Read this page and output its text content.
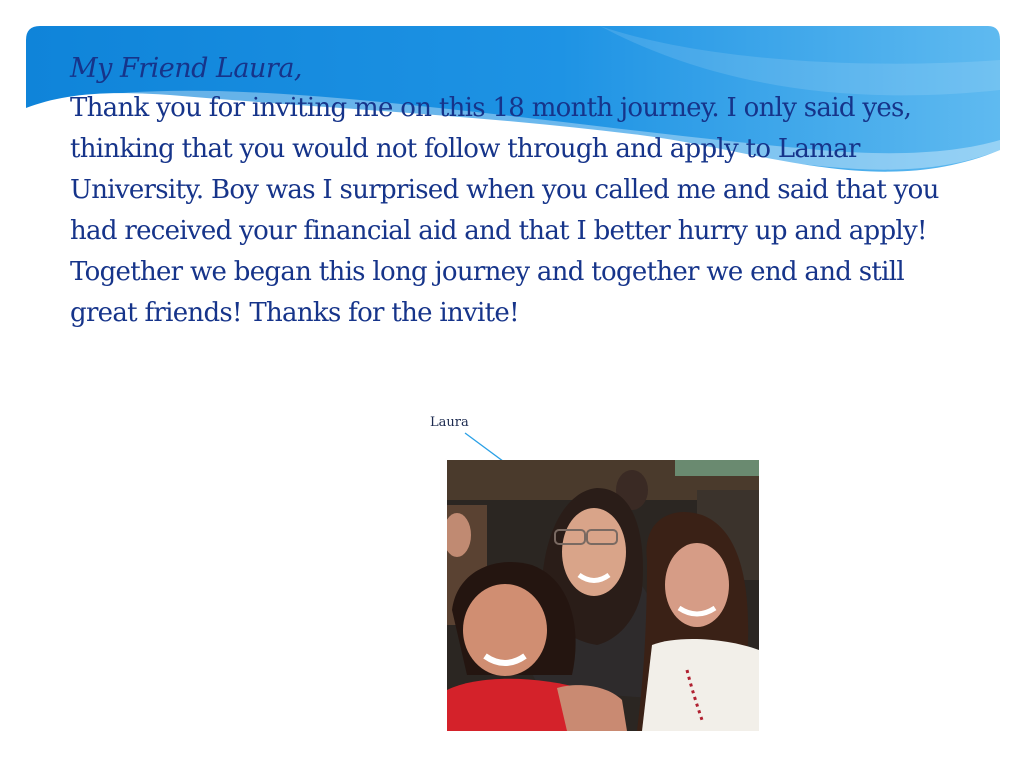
My Friend Laura,

Thank you for inviting me on this 18 month journey. I only said yes, thinking that you would not follow through and apply to Lamar University. Boy was I surprised when you called me and said that you had received your financial aid and that I better hurry up and apply! Together we began this long journey and together we end and still great friends! Thanks for the invite!

Laura
